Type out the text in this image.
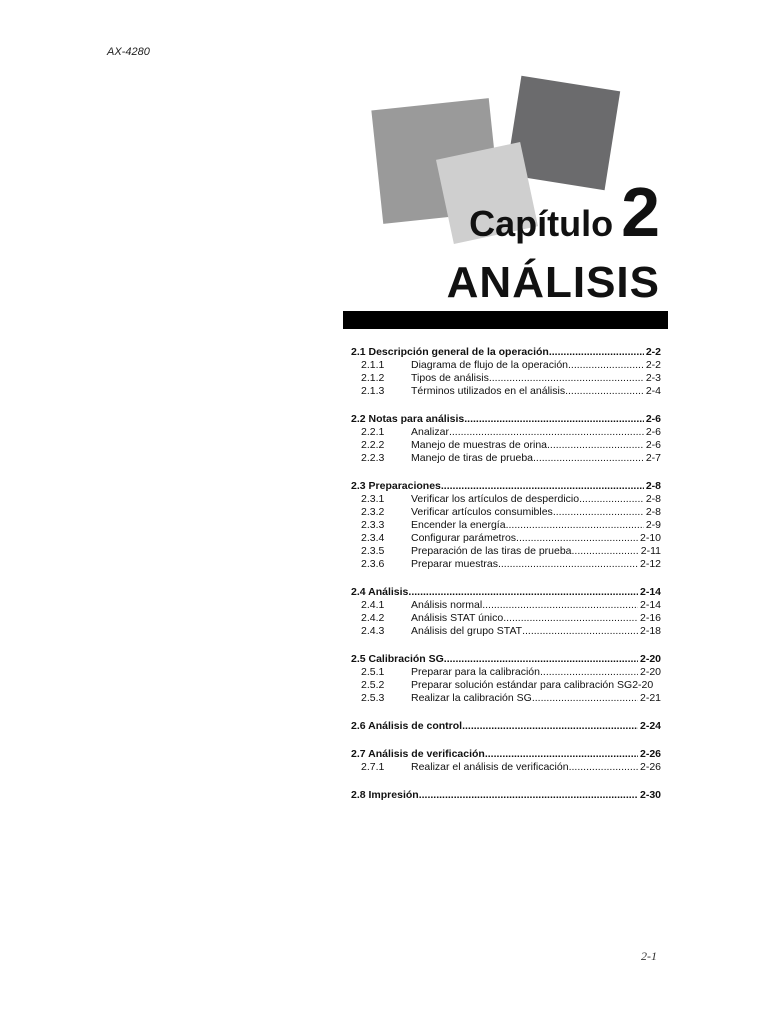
AX-4280
Capítulo 2
ANÁLISIS
2.1 Descripción general de la operación .....	2-2
2.1.1	Diagrama de flujo de la operación .....	2-2
2.1.2	Tipos de análisis .....	2-3
2.1.3	Términos utilizados en el análisis .....	2-4
2.2 Notas para análisis .....	2-6
2.2.1	Analizar .....	2-6
2.2.2	Manejo de muestras de orina .....	2-6
2.2.3	Manejo de tiras de prueba .....	2-7
2.3 Preparaciones .....	2-8
2.3.1	Verificar los artículos de desperdicio .....	2-8
2.3.2	Verificar artículos consumibles .....	2-8
2.3.3	Encender la energía .....	2-9
2.3.4	Configurar parámetros .....	2-10
2.3.5	Preparación de las tiras de prueba .....	2-11
2.3.6	Preparar muestras .....	2-12
2.4 Análisis .....	2-14
2.4.1	Análisis normal .....	2-14
2.4.2	Análisis STAT único .....	2-16
2.4.3	Análisis del grupo STAT .....	2-18
2.5 Calibración SG .....	2-20
2.5.1	Preparar para la calibración .....	2-20
2.5.2	Preparar solución estándar para calibración SG 2-20
2.5.3	Realizar la calibración SG .....	2-21
2.6 Análisis de control .....	2-24
2.7 Análisis de verificación .....	2-26
2.7.1	Realizar el análisis de verificación .....	2-26
2.8 Impresión .....	2-30
2-1
